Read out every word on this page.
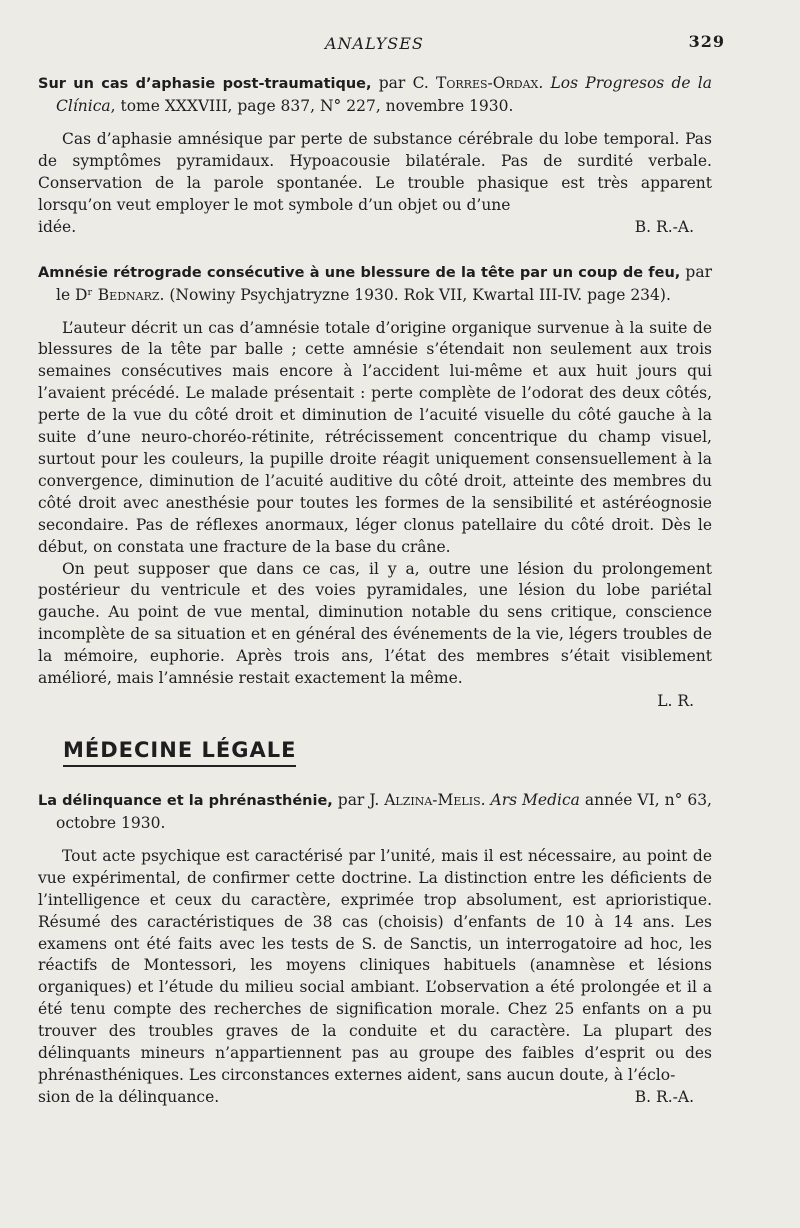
ANALYSES	329
Sur un cas d’aphasie post-traumatique, par C. Torres-Ordax. Los Progresos de la Clínica, tome XXXVIII, page 837, N° 227, novembre 1930.

Cas d’aphasie amnésique par perte de substance cérébrale du lobe temporal. Pas de symptômes pyramidaux. Hypoacousie bilatérale. Pas de surdité verbale. Conservation de la parole spontanée. Le trouble phasique est très apparent lorsqu’on veut employer le mot symbole d’un objet ou d’une

idée.	B. R.-A.
Amnésie rétrograde consécutive à une blessure de la tête par un coup de feu, par le Dʳ Bednarz. (Nowiny Psychjatryzne 1930. Rok VII, Kwartal III-IV. page 234).

L’auteur décrit un cas d’amnésie totale d’origine organique survenue à la suite de blessures de la tête par balle ; cette amnésie s’étendait non seulement aux trois semaines consécutives mais encore à l’accident lui-même et aux huit jours qui l’avaient précédé. Le malade présentait : perte complète de l’odorat des deux côtés, perte de la vue du côté droit et diminution de l’acuité visuelle du côté gauche à la suite d’une neuro-choréo-rétinite, rétrécissement concentrique du champ visuel, surtout pour les couleurs, la pupille droite réagit uniquement consensuellement à la convergence, diminution de l’acuité auditive du côté droit, atteinte des membres du côté droit avec anesthésie pour toutes les formes de la sensibilité et astéréognosie secondaire. Pas de réflexes anormaux, léger clonus patellaire du côté droit. Dès le début, on constata une fracture de la base du crâne.

On peut supposer que dans ce cas, il y a, outre une lésion du prolongement postérieur du ventricule et des voies pyramidales, une lésion du lobe pariétal gauche. Au point de vue mental, diminution notable du sens critique, conscience incomplète de sa situation et en général des événements de la vie, légers troubles de la mémoire, euphorie. Après trois ans, l’état des membres s’était visiblement amélioré, mais l’amnésie restait exactement la même.

L. R.
MÉDECINE LÉGALE
La délinquance et la phrénasthénie, par J. Alzina-Melis. Ars Medica année VI, n° 63, octobre 1930.

Tout acte psychique est caractérisé par l’unité, mais il est nécessaire, au point de vue expérimental, de confirmer cette doctrine. La distinction entre les déficients de l’intelligence et ceux du caractère, exprimée trop absolument, est aprioristique. Résumé des caractéristiques de 38 cas (choisis) d’enfants de 10 à 14 ans. Les examens ont été faits avec les tests de S. de Sanctis, un interrogatoire ad hoc, les réactifs de Montessori, les moyens cliniques habituels (anamnèse et lésions organiques) et l’étude du milieu social ambiant. L’observation a été prolongée et il a été tenu compte des recherches de signification morale. Chez 25 enfants on a pu trouver des troubles graves de la conduite et du caractère. La plupart des délinquants mineurs n’appartiennent pas au groupe des faibles d’esprit ou des phrénasthéniques. Les circonstances externes aident, sans aucun doute, à l’éclo-

sion de la délinquance.	B. R.-A.
